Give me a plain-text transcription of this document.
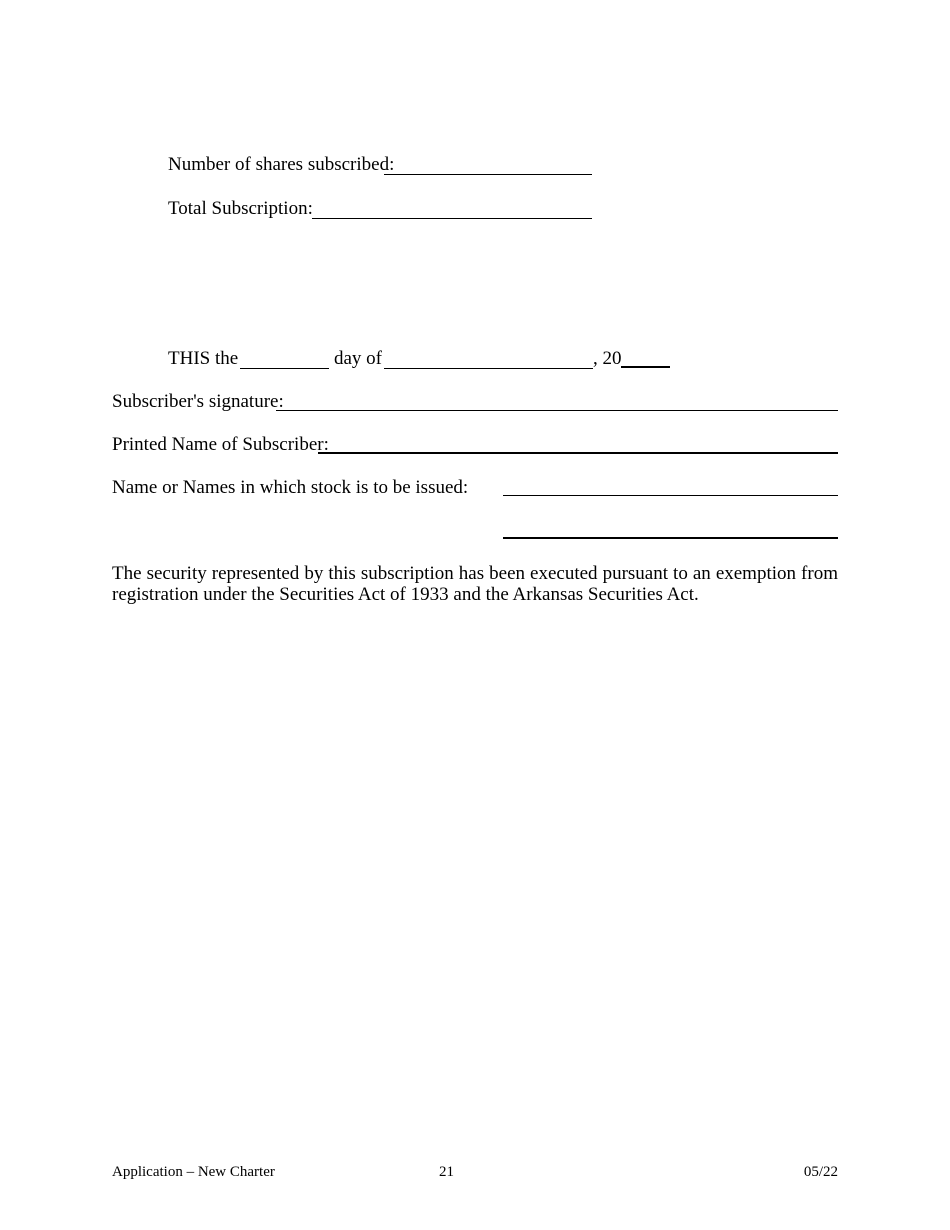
Number of shares subscribed:
Total Subscription:
THIS the	day of	, 20
Subscriber's signature:
Printed Name of Subscriber:
Name or Names in which stock is to be issued:
The security represented by this subscription has been executed pursuant to an exemption from registration under the Securities Act of 1933 and the Arkansas Securities Act.
Application – New Charter	21	05/22
